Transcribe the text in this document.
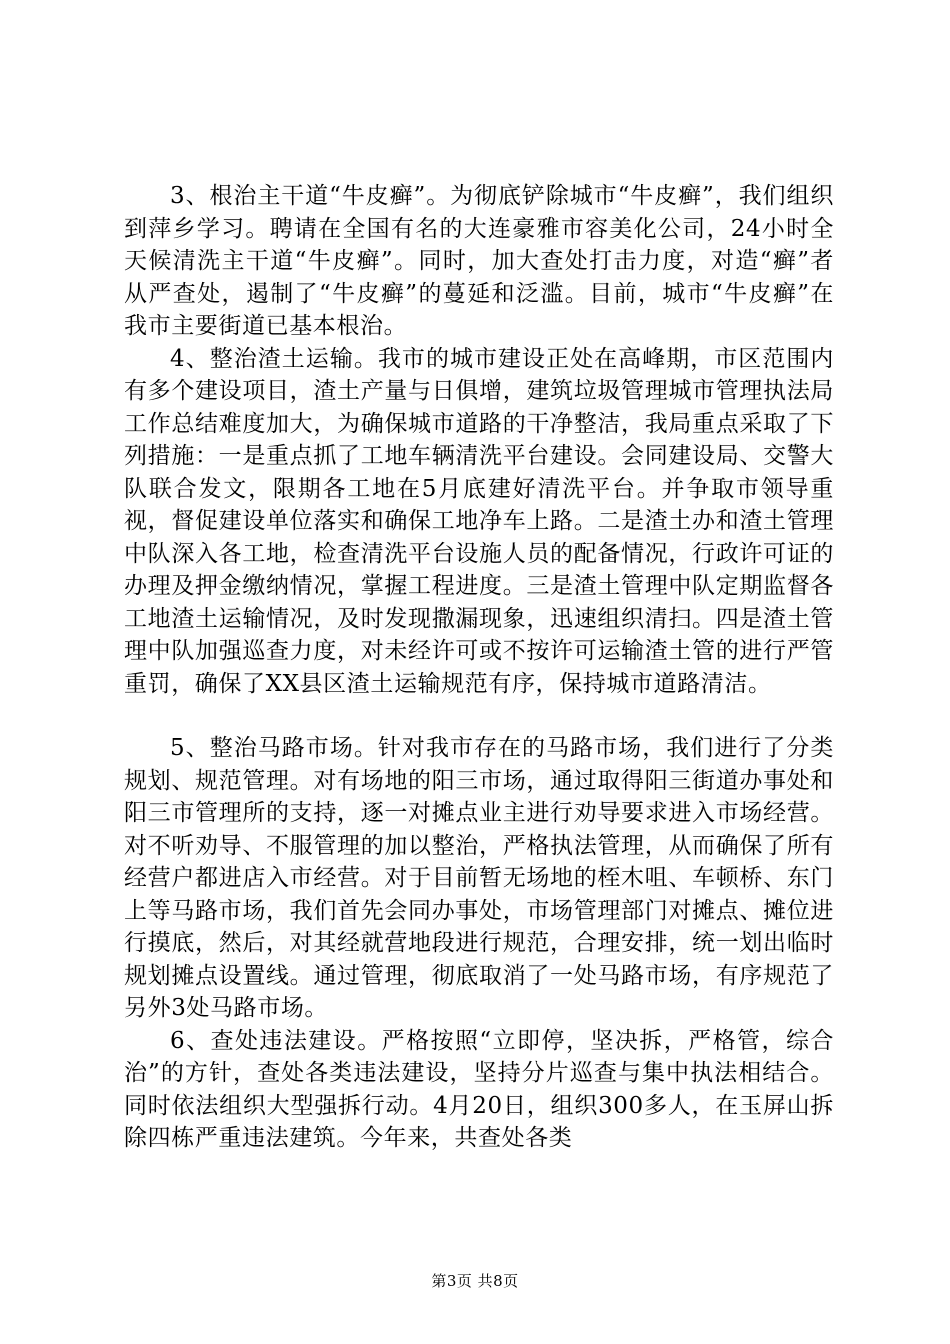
3、根治主干道“牛皮癣”。为彻底铲除城市“牛皮癣”，我们组织到萍乡学习。聘请在全国有名的大连豪雅市容美化公司，24小时全天候清洗主干道“牛皮癣”。同时，加大查处打击力度，对造“癣”者从严查处，遏制了“牛皮癣”的蔓延和泛滥。目前，城市“牛皮癣”在我市主要街道已基本根治。

4、整治渣土运输。我市的城市建设正处在高峰期，市区范围内有多个建设项目，渣土产量与日俱增，建筑垃圾管理城市管理执法局工作总结难度加大，为确保城市道路的干净整洁，我局重点采取了下列措施：一是重点抓了工地车辆清洗平台建设。会同建设局、交警大队联合发文，限期各工地在5月底建好清洗平台。并争取市领导重视，督促建设单位落实和确保工地净车上路。二是渣土办和渣土管理中队深入各工地，检查清洗平台设施人员的配备情况，行政许可证的办理及押金缴纳情况，掌握工程进度。三是渣土管理中队定期监督各工地渣土运输情况，及时发现撒漏现象，迅速组织清扫。四是渣土管理中队加强巡查力度，对未经许可或不按许可运输渣土管的进行严管重罚，确保了XX县区渣土运输规范有序，保持城市道路清洁。

5、整治马路市场。针对我市存在的马路市场，我们进行了分类规划、规范管理。对有场地的阳三市场，通过取得阳三街道办事处和阳三市管理所的支持，逐一对摊点业主进行劝导要求进入市场经营。对不听劝导、不服管理的加以整治，严格执法管理，从而确保了所有经营户都进店入市经营。对于目前暂无场地的桎木咀、车顿桥、东门上等马路市场，我们首先会同办事处，市场管理部门对摊点、摊位进行摸底，然后，对其经就营地段进行规范，合理安排，统一划出临时规划摊点设置线。通过管理，彻底取消了一处马路市场，有序规范了另外3处马路市场。

6、查处违法建设。严格按照“立即停，坚决拆，严格管，综合治”的方针，查处各类违法建设，坚持分片巡查与集中执法相结合。同时依法组织大型强拆行动。4月20日，组织300多人，在玉屏山拆除四栋严重违法建筑。今年来，共查处各类

第3页 共8页
